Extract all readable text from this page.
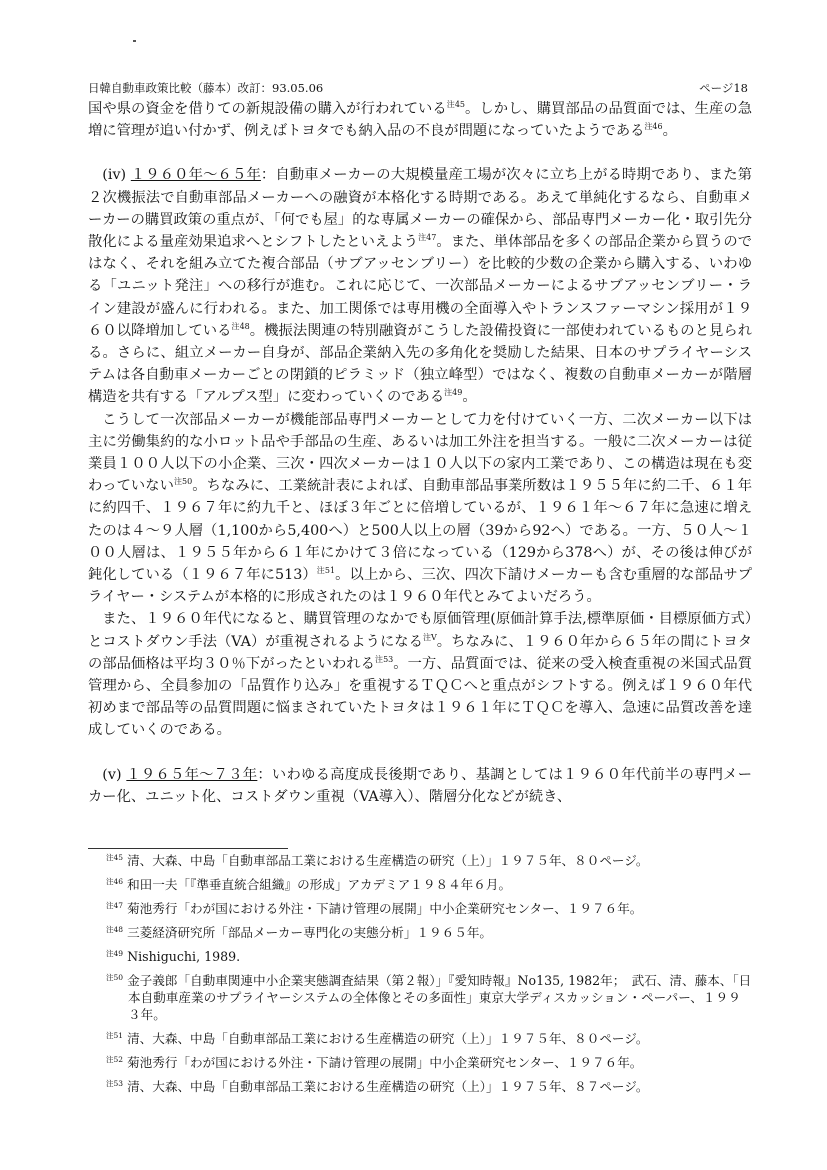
日韓自動車政策比較（藤本）改訂：93.05.06	ページ18

国や県の資金を借りての新規設備の購入が行われている$^{注45}$。しかし、購買部品の品質面では、生産の急増に管理が追い付かず、例えばトヨタでも納入品の不良が問題になっていたようである$^{注46}$。

(iv) １９６０年～６５年：自動車メーカーの大規模量産工場が次々に立ち上がる時期であり、また第２次機振法で自動車部品メーカーへの融資が本格化する時期である。あえて単純化するなら、自動車メーカーの購買政策の重点が、「何でも屋」的な専属メーカーの確保から、部品専門メーカー化・取引先分散化による量産効果追求へとシフトしたといえよう$^{注47}$。また、単体部品を多くの部品企業から買うのではなく、それを組み立てた複合部品（サブアッセンブリー）を比較的少数の企業から購入する、いわゆる「ユニット発注」への移行が進む。これに応じて、一次部品メーカーによるサブアッセンブリー・ライン建設が盛んに行われる。また、加工関係では専用機の全面導入やトランスファーマシン採用が１９６０以降増加している$^{注48}$。機振法関連の特別融資がこうした設備投資に一部使われているものと見られる。さらに、組立メーカー自身が、部品企業納入先の多角化を奨励した結果、日本のサプライヤーシステムは各自動車メーカーごとの閉鎖的ピラミッド（独立峰型）ではなく、複数の自動車メーカーが階層構造を共有する「アルプス型」に変わっていくのである$^{注49}$。

こうして一次部品メーカーが機能部品専門メーカーとして力を付けていく一方、二次メーカー以下は主に労働集約的な小ロット品や手部品の生産、あるいは加工外注を担当する。一般に二次メーカーは従業員１００人以下の小企業、三次・四次メーカーは１０人以下の家内工業であり、この構造は現在も変わっていない$^{注50}$。ちなみに、工業統計表によれば、自動車部品事業所数は１９５５年に約二千、６１年に約四千、１９６７年に約九千と、ほぼ３年ごとに倍増しているが、１９６１年～６７年に急速に増えたのは４～９人層（1,100から5,400へ）と500人以上の層（39から92へ）である。一方、５０人～１００人層は、１９５５年から６１年にかけて３倍になっている（129から378へ）が、その後は伸びが鈍化している（１９６７年に513）$^{注51}$。以上から、三次、四次下請けメーカーも含む重層的な部品サプライヤー・システムが本格的に形成されたのは１９６０年代とみてよいだろう。

また、１９６０年代になると、購買管理のなかでも原価管理(原価計算手法,標準原価・目標原価方式）とコストダウン手法（VA）が重視されるようになる$^{注V}$。ちなみに、１９６０年から６５年の間にトヨタの部品価格は平均３０％下がったといわれる$^{注53}$。一方、品質面では、従来の受入検査重視の米国式品質管理から、全員参加の「品質作り込み」を重視するＴＱＣへと重点がシフトする。例えば１９６０年代初めまで部品等の品質問題に悩まされていたトヨタは１９６１年にＴＱＣを導入、急速に品質改善を達成していくのである。

(v) １９６５年～７３年：いわゆる高度成長後期であり、基調としては１９６０年代前半の専門メーカー化、ユニット化、コストダウン重視（VA導入）、階層分化などが続き、

$^{注45}$ 清、大森、中島「自動車部品工業における生産構造の研究（上）」１９７５年、８０ページ。

$^{注46}$ 和田一夫「『準垂直統合組織』の形成」アカデミア１９８４年６月。

$^{注47}$ 菊池秀行「わが国における外注・下請け管理の展開」中小企業研究センター、１９７６年。

$^{注48}$ 三菱経済研究所「部品メーカー専門化の実態分析」１９６５年。

$^{注49}$ Nishiguchi, 1989.

$^{注50}$ 金子義郎「自動車関連中小企業実態調査結果（第２報）」『愛知時報』No135, 1982年；　武石、清、藤本、「日本自動車産業のサプライヤーシステムの全体像とその多面性」東京大学ディスカッション・ペーパー、１９９３年。

$^{注51}$ 清、大森、中島「自動車部品工業における生産構造の研究（上）」１９７５年、８０ページ。

$^{注52}$ 菊池秀行「わが国における外注・下請け管理の展開」中小企業研究センター、１９７６年。

$^{注53}$ 清、大森、中島「自動車部品工業における生産構造の研究（上）」１９７５年、８７ページ。
